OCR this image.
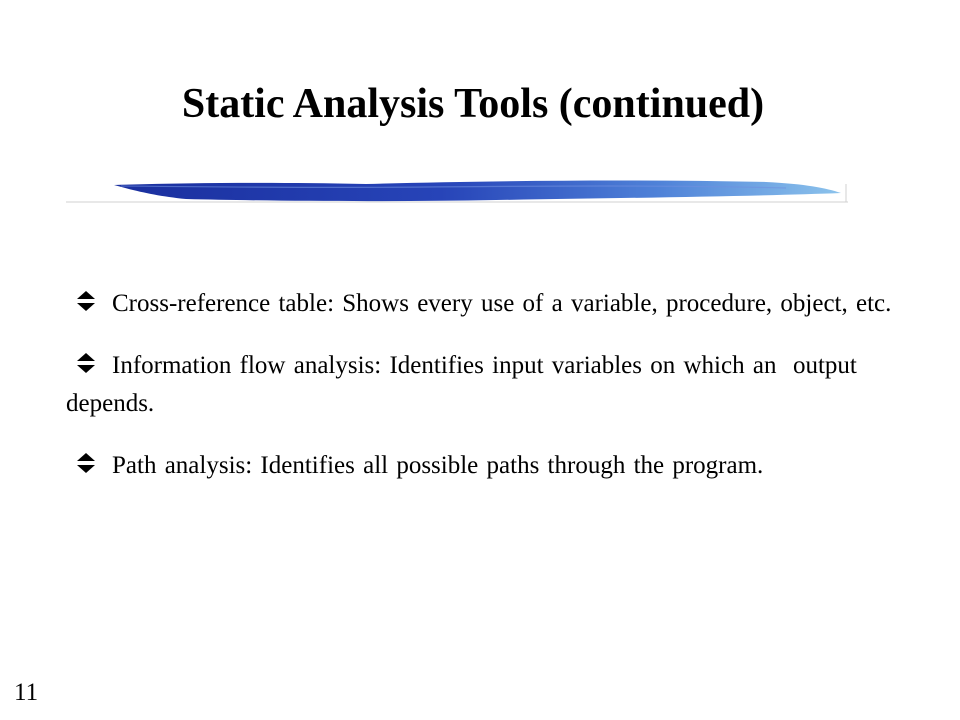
Static Analysis Tools (continued)
Cross-reference table: Shows every use of a variable, procedure, object, etc.
Information flow analysis: Identifies input variables on which an  output depends.
Path analysis: Identifies all possible paths through the program.
11
